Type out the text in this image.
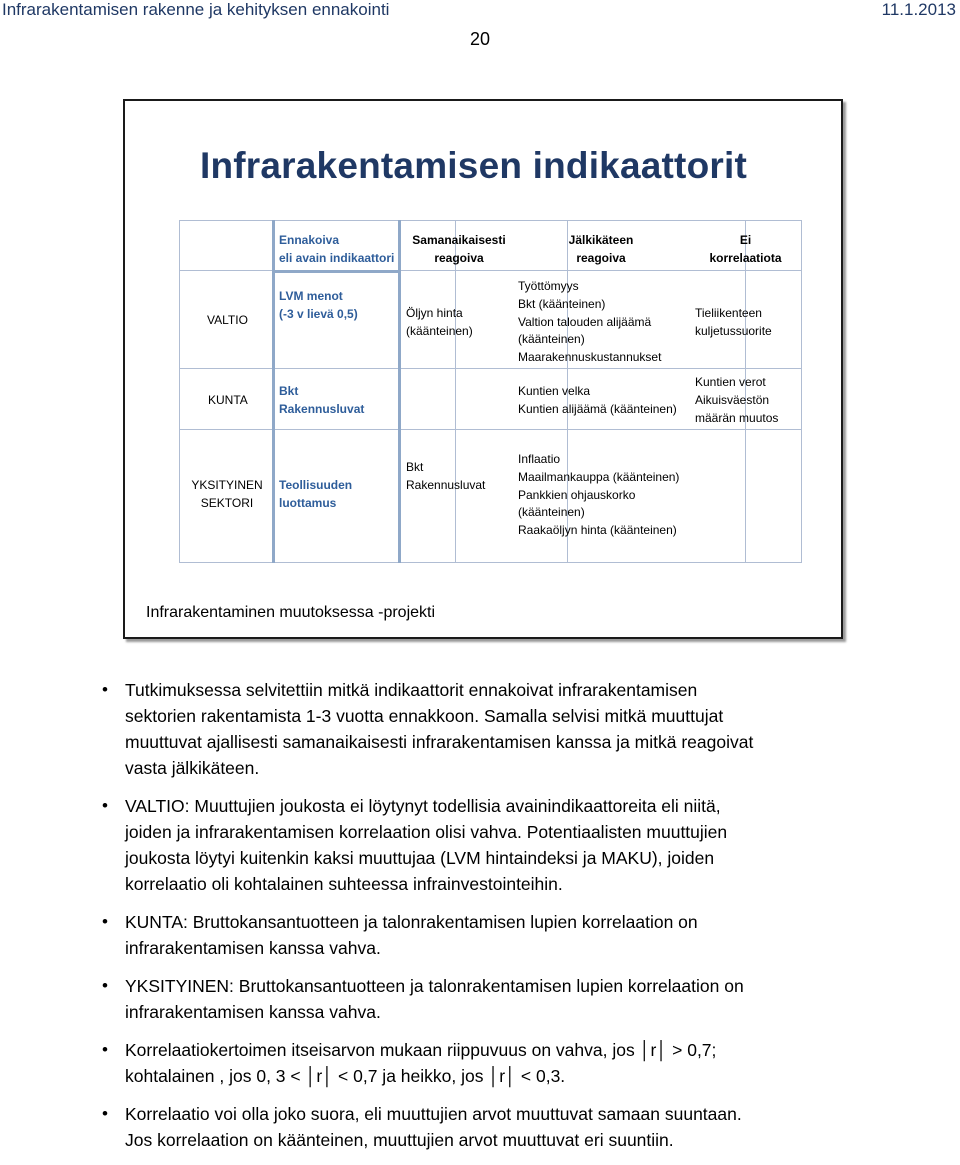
Infrarakentamisen rakenne ja kehityksen ennakointi	11.1.2013
20
Infrarakentamisen indikaattorit
Ennakoiva
eli avain indikaattori
Samanaikaisesti
reagoiva
Jälkikäteen
reagoiva
Ei
korrelaatiota
VALTIO
LVM menot
(-3 v lievä 0,5)	Öljyn hinta
(käänteinen)
Työttömyys
Bkt (käänteinen)
Valtion talouden alijäämä
(käänteinen)
Maarakennuskustannukset
Tieliikenteen
kuljetussuorite
KUNTA
Bkt
Rakennusluvat
Kuntien velka
Kuntien alijäämä (käänteinen)
Kuntien verot
Aikuisväestön
määrän muutos
YKSITYINEN
SEKTORI
Teollisuuden
luottamus
Bkt
Rakennusluvat
Inflaatio
Maailmankauppa (käänteinen)
Pankkien ohjauskorko
(käänteinen)
Raakaöljyn hinta (käänteinen)
Infrarakentaminen muutoksessa -projekti
• Tutkimuksessa selvitettiin mitkä indikaattorit ennakoivat infrarakentamisen
sektorien rakentamista 1-3 vuotta ennakkoon. Samalla selvisi mitkä muuttujat
muuttuvat ajallisesti samanaikaisesti infrarakentamisen kanssa ja mitkä reagoivat
vasta jälkikäteen.
• VALTIO: Muuttujien joukosta ei löytynyt todellisia avainindikaattoreita eli niitä,
joiden ja infrarakentamisen korrelaation olisi vahva. Potentiaalisten muuttujien
joukosta löytyi kuitenkin kaksi muuttujaa (LVM hintaindeksi ja MAKU), joiden
korrelaatio oli kohtalainen suhteessa infrainvestointeihin.
• KUNTA: Bruttokansantuotteen ja talonrakentamisen lupien korrelaation on
infrarakentamisen kanssa vahva.
• YKSITYINEN: Bruttokansantuotteen ja talonrakentamisen lupien korrelaation on
infrarakentamisen kanssa vahva.
• Korrelaatiokertoimen itseisarvon mukaan riippuvuus on vahva, jos │r│ > 0,7;
kohtalainen , jos 0, 3 < │r│ < 0,7 ja heikko, jos │r│ < 0,3.
• Korrelaatio voi olla joko suora, eli muuttujien arvot muuttuvat samaan suuntaan.
Jos korrelaation on käänteinen, muuttujien arvot muuttuvat eri suuntiin.
